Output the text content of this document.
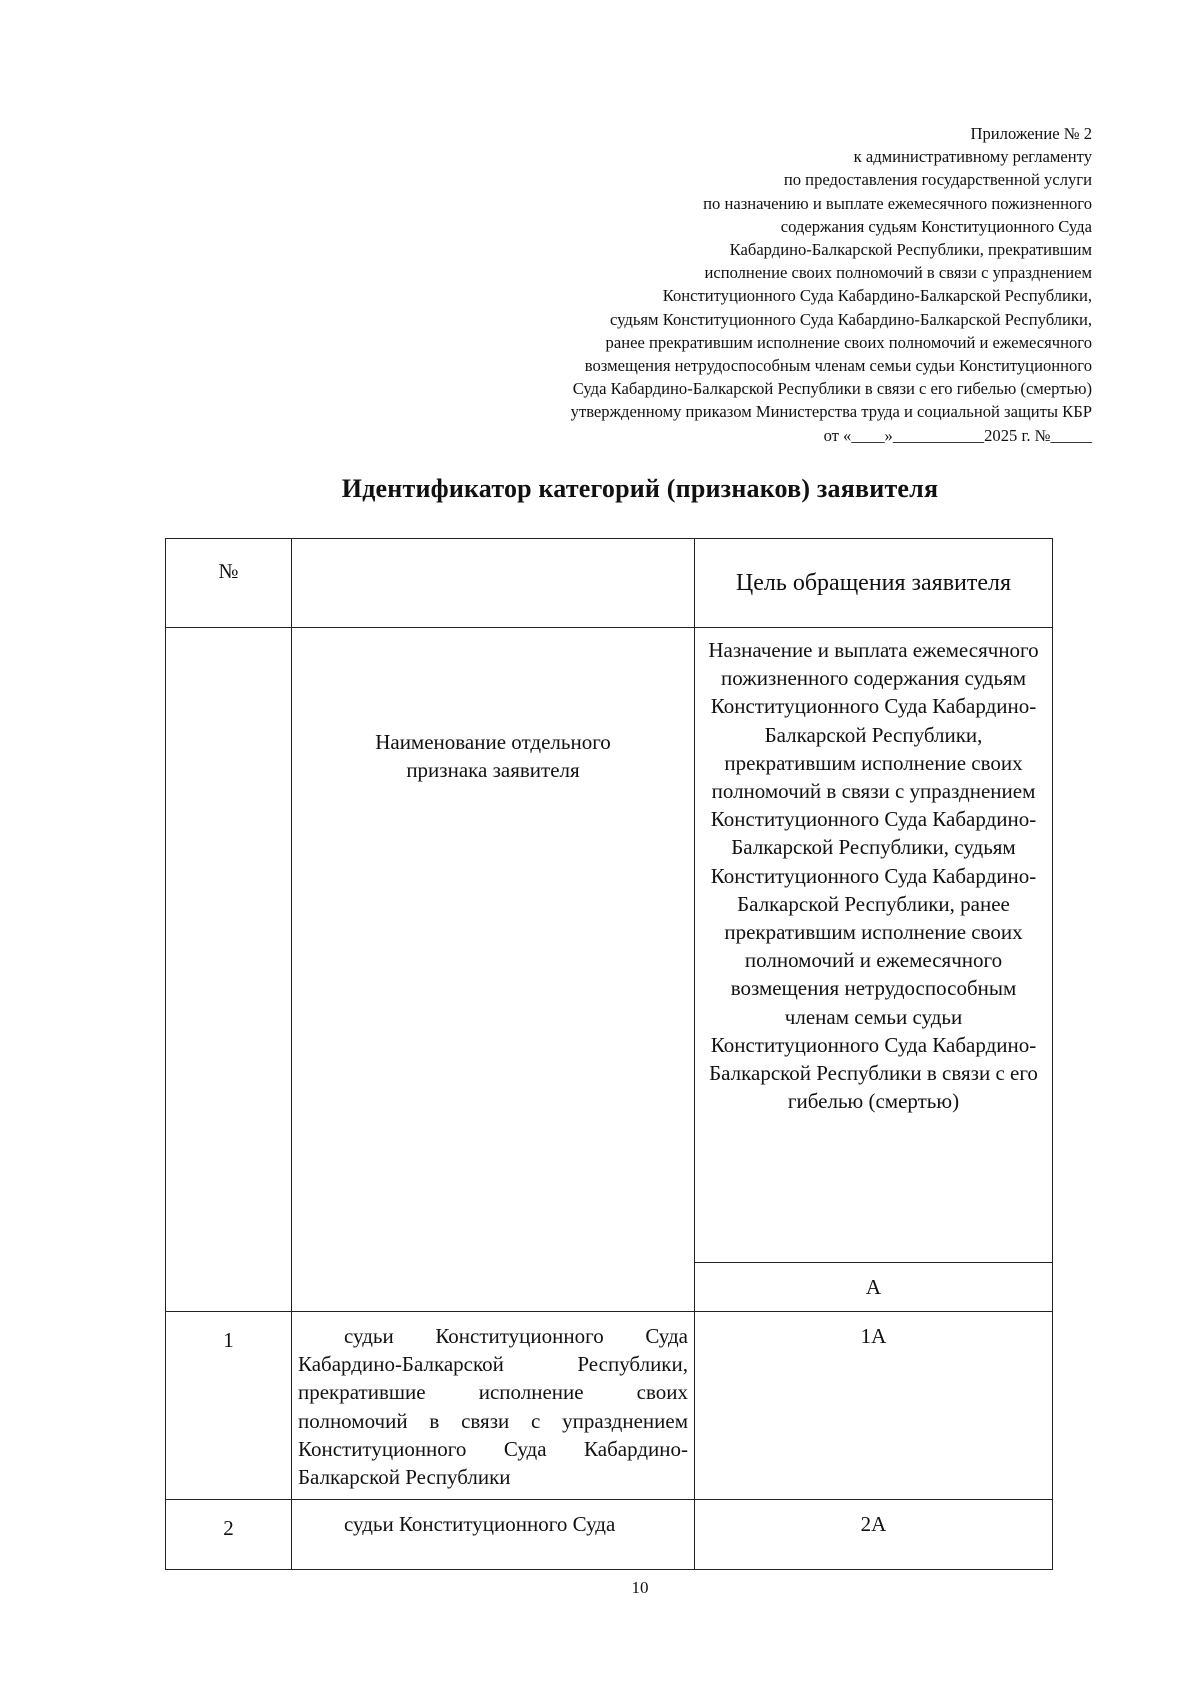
Приложение № 2
к административному регламенту
по предоставления государственной услуги
по назначению и выплате ежемесячного пожизненного
содержания судьям Конституционного Суда
Кабардино-Балкарской Республики, прекратившим
исполнение своих полномочий в связи с упразднением
Конституционного Суда Кабардино-Балкарской Республики,
судьям Конституционного Суда Кабардино-Балкарской Республики,
ранее прекратившим исполнение своих полномочий и ежемесячного
возмещения нетрудоспособным членам семьи судьи Конституционного
Суда Кабардино-Балкарской Республики в связи с его гибелью (смертью)
утвержденному приказом Министерства труда и социальной защиты КБР
от «____»___________2025 г. №_____
Идентификатор категорий (признаков) заявителя
№		Цель обращения заявителя

	Наименование отдельного признака заявителя	Назначение и выплата ежемесячного пожизненного содержания судьям Конституционного Суда Кабардино-Балкарской Республики, прекратившим исполнение своих полномочий в связи с упразднением Конституционного Суда Кабардино-Балкарской Республики, судьям Конституционного Суда Кабардино-Балкарской Республики, ранее прекратившим исполнение своих полномочий и ежемесячного возмещения нетрудоспособным членам семьи судьи Конституционного Суда Кабардино-Балкарской Республики в связи с его гибелью (смертью)
		А
1	судьи Конституционного Суда Кабардино-Балкарской Республики, прекратившие исполнение своих полномочий в связи с упразднением Конституционного Суда Кабардино-Балкарской Республики	1А
2	судьи Конституционного Суда	2А
10
